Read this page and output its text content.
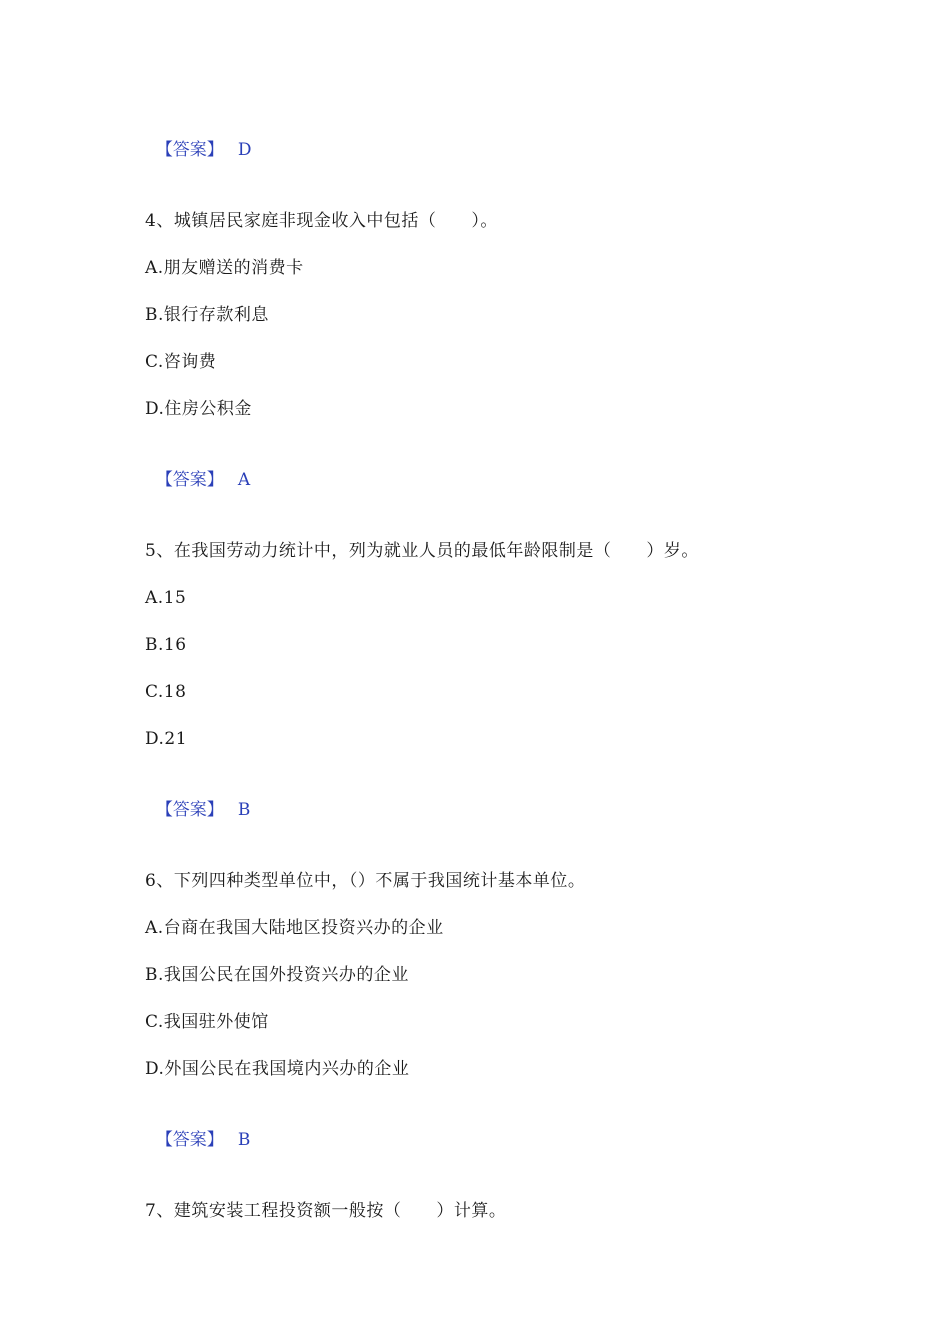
【答案】 D

4、城镇居民家庭非现金收入中包括（　　）。
A.朋友赠送的消费卡
B.银行存款利息
C.咨询费
D.住房公积金

【答案】 A

5、在我国劳动力统计中，列为就业人员的最低年龄限制是（　　）岁。
A.15
B.16
C.18
D.21

【答案】 B

6、下列四种类型单位中，（）不属于我国统计基本单位。
A.台商在我国大陆地区投资兴办的企业
B.我国公民在国外投资兴办的企业
C.我国驻外使馆
D.外国公民在我国境内兴办的企业

【答案】 B

7、建筑安装工程投资额一般按（　　）计算。
